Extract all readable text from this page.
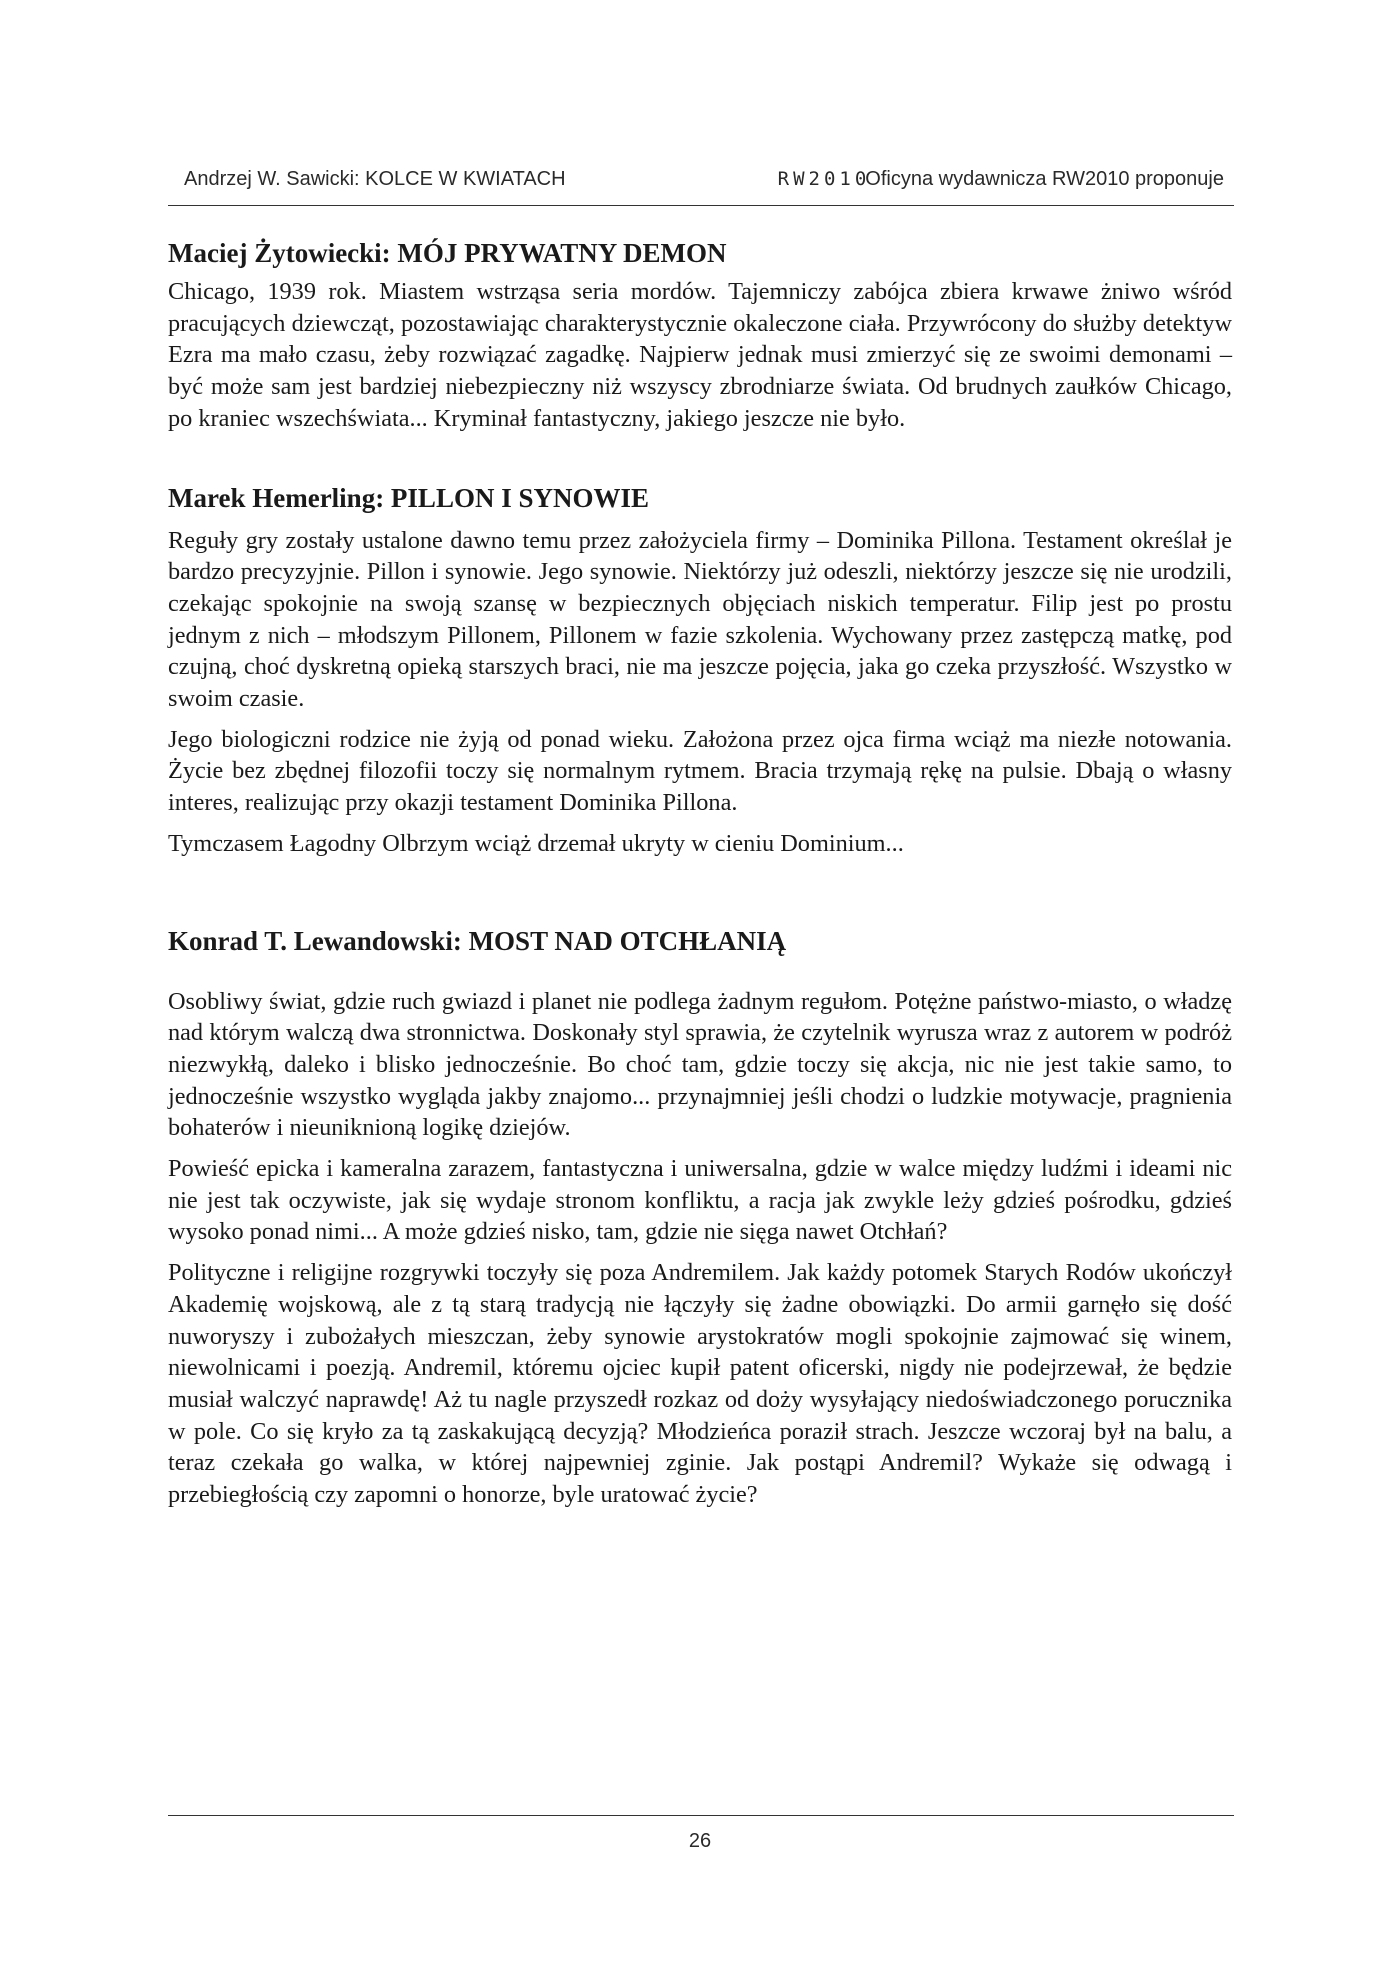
Andrzej W. Sawicki: KOLCE W KWIATACH	RW2010
Oficyna wydawnicza RW2010 proponuje
Maciej Żytowiecki: MÓJ PRYWATNY DEMON

Chicago, 1939 rok. Miastem wstrząsa seria mordów. Tajemniczy zabójca zbiera krwawe żniwo wśród pracujących dziewcząt, pozostawiając charakterystycznie okaleczone ciała. Przywrócony do służby detektyw Ezra ma mało czasu, żeby rozwiązać zagadkę. Najpierw jednak musi zmierzyć się ze swoimi demonami – być może sam jest bardziej niebezpieczny niż wszyscy zbrodniarze świata. Od brudnych zaułków Chicago, po kraniec wszechświata... Kryminał fantastyczny, jakiego jeszcze nie było.

Marek Hemerling: PILLON I SYNOWIE

Reguły gry zostały ustalone dawno temu przez założyciela firmy – Dominika Pillona. Testament określał je bardzo precyzyjnie. Pillon i synowie. Jego synowie. Niektórzy już odeszli, niektórzy jeszcze się nie urodzili, czekając spokojnie na swoją szansę w bezpiecznych objęciach niskich temperatur. Filip jest po prostu jednym z nich – młodszym Pillonem, Pillonem w fazie szkolenia. Wychowany przez zastępczą matkę, pod czujną, choć dyskretną opieką starszych braci, nie ma jeszcze pojęcia, jaka go czeka przyszłość. Wszystko w swoim czasie.

Jego biologiczni rodzice nie żyją od ponad wieku. Założona przez ojca firma wciąż ma niezłe notowania. Życie bez zbędnej filozofii toczy się normalnym rytmem. Bracia trzymają rękę na pulsie. Dbają o własny interes, realizując przy okazji testament Dominika Pillona.

Tymczasem Łagodny Olbrzym wciąż drzemał ukryty w cieniu Dominium...

Konrad T. Lewandowski: MOST NAD OTCHŁANIĄ

Osobliwy świat, gdzie ruch gwiazd i planet nie podlega żadnym regułom. Potężne państwo-miasto, o władzę nad którym walczą dwa stronnictwa. Doskonały styl sprawia, że czytelnik wyrusza wraz z autorem w podróż niezwykłą, daleko i blisko jednocześnie. Bo choć tam, gdzie toczy się akcja, nic nie jest takie samo, to jednocześnie wszystko wygląda jakby znajomo... przynajmniej jeśli chodzi o ludzkie motywacje, pragnienia bohaterów i nieuniknioną logikę dziejów.

Powieść epicka i kameralna zarazem, fantastyczna i uniwersalna, gdzie w walce między ludźmi i ideami nic nie jest tak oczywiste, jak się wydaje stronom konfliktu, a racja jak zwykle leży gdzieś pośrodku, gdzieś wysoko ponad nimi... A może gdzieś nisko, tam, gdzie nie sięga nawet Otchłań?

Polityczne i religijne rozgrywki toczyły się poza Andremilem. Jak każdy potomek Starych Rodów ukończył Akademię wojskową, ale z tą starą tradycją nie łączyły się żadne obowiązki. Do armii garnęło się dość nuworyszy i zubożałych mieszczan, żeby synowie arystokratów mogli spokojnie zajmować się winem, niewolnicami i poezją. Andremil, któremu ojciec kupił patent oficerski, nigdy nie podejrzewał, że będzie musiał walczyć naprawdę! Aż tu nagle przyszedł rozkaz od doży wysyłający niedoświadczonego porucznika w pole. Co się kryło za tą zaskakującą decyzją? Młodzieńca poraził strach. Jeszcze wczoraj był na balu, a teraz czekała go walka, w której najpewniej zginie. Jak postąpi Andremil? Wykaże się odwagą i przebiegłością czy zapomni o honorze, byle uratować życie?

26
